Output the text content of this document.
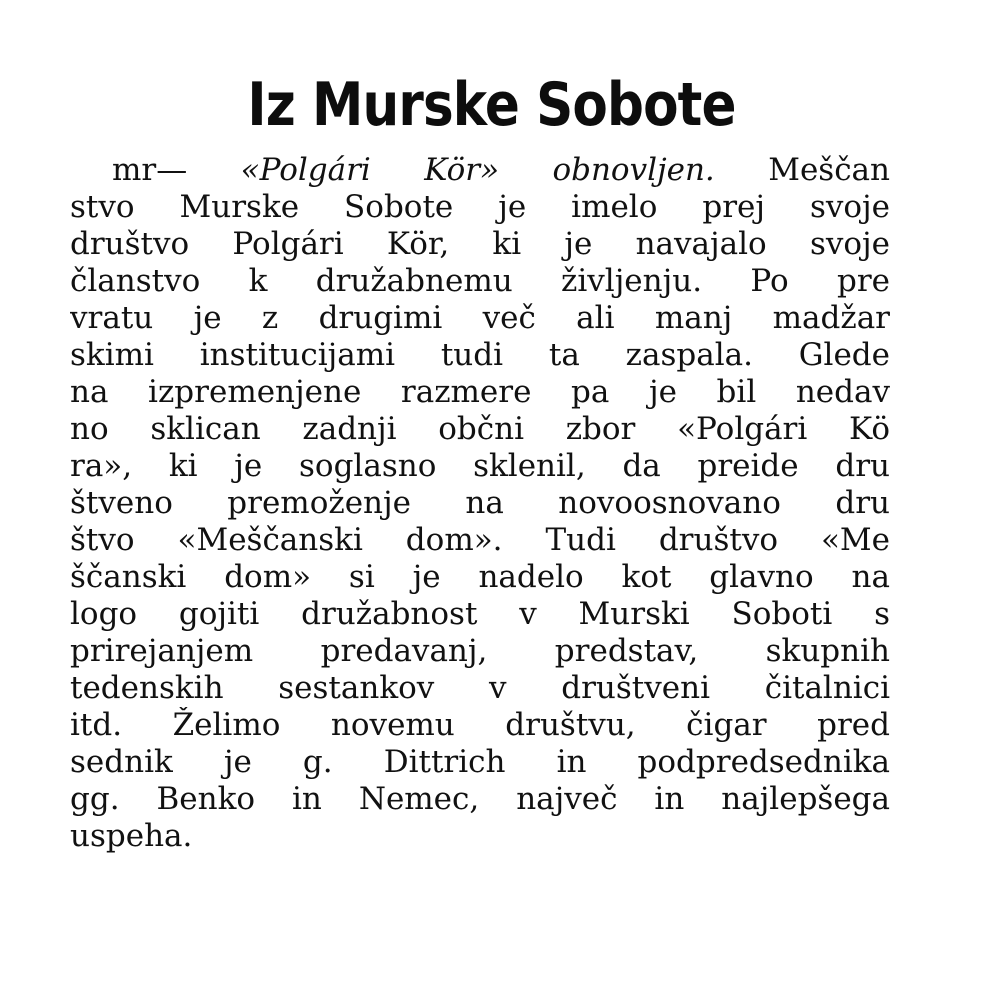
Iz Murske Sobote
mr— «Polgári Kör» obnovljen. Meščan
stvo Murske Sobote je imelo prej svoje
društvo Polgári Kör, ki je navajalo svoje
članstvo k družabnemu življenju. Po pre
vratu je z drugimi več ali manj madžar
skimi institucijami tudi ta zaspala. Glede
na izpremenjene razmere pa je bil nedav
no sklican zadnji občni zbor «Polgári Kö
ra», ki je soglasno sklenil, da preide dru
štveno premoženje na novoosnovano dru
štvo «Meščanski dom». Tudi društvo «Me
ščanski dom» si je nadelo kot glavno na
logo gojiti družabnost v Murski Soboti s
prirejanjem predavanj, predstav, skupnih
tedenskih sestankov v društveni čitalnici
itd. Želimo novemu društvu, čigar pred
sednik je g. Dittrich in podpredsednika
gg. Benko in Nemec, največ in najlepšega
uspeha.
